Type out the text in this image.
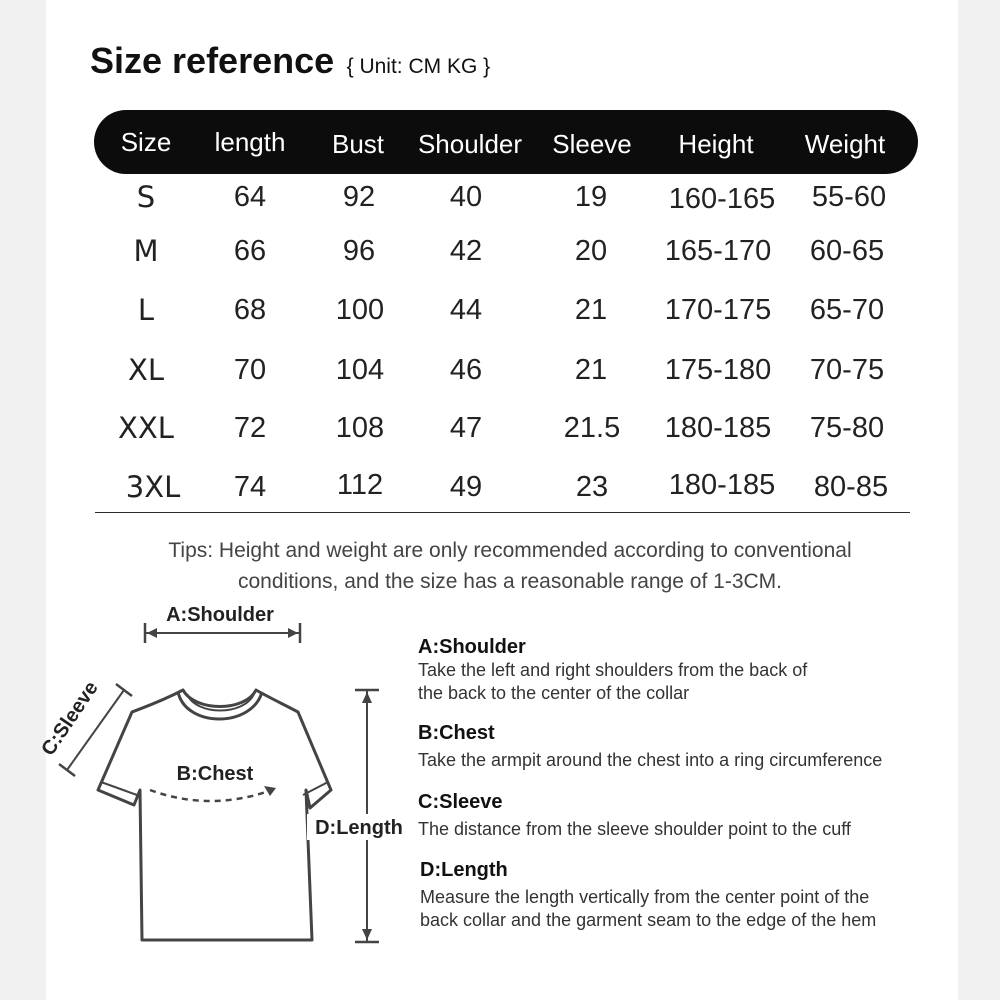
Size reference { Unit: CM KG }
Size	length	Bust	Shoulder	Sleeve	Height	Weight
S	64	92	40	19	160-165	55-60
M	66	96	42	20	165-170	60-65
L	68	100	44	21	170-175	65-70
XL	70	104	46	21	175-180	70-75
XXL	72	108	47	21.5	180-185	75-80
3XL	74	112	49	23	180-185	80-85
Tips: Height and weight are only recommended according to conventional
conditions, and the size has a reasonable range of 1-3CM.
A:Shoulder
C:Sleeve
B:Chest
D:Length
A:Shoulder
Take the left and right shoulders from the back of
the back to the center of the collar
B:Chest
Take the armpit around the chest into a ring circumference
C:Sleeve
The distance from the sleeve shoulder point to the cuff
D:Length
Measure the length vertically from the center point of the
back collar and the garment seam to the edge of the hem
